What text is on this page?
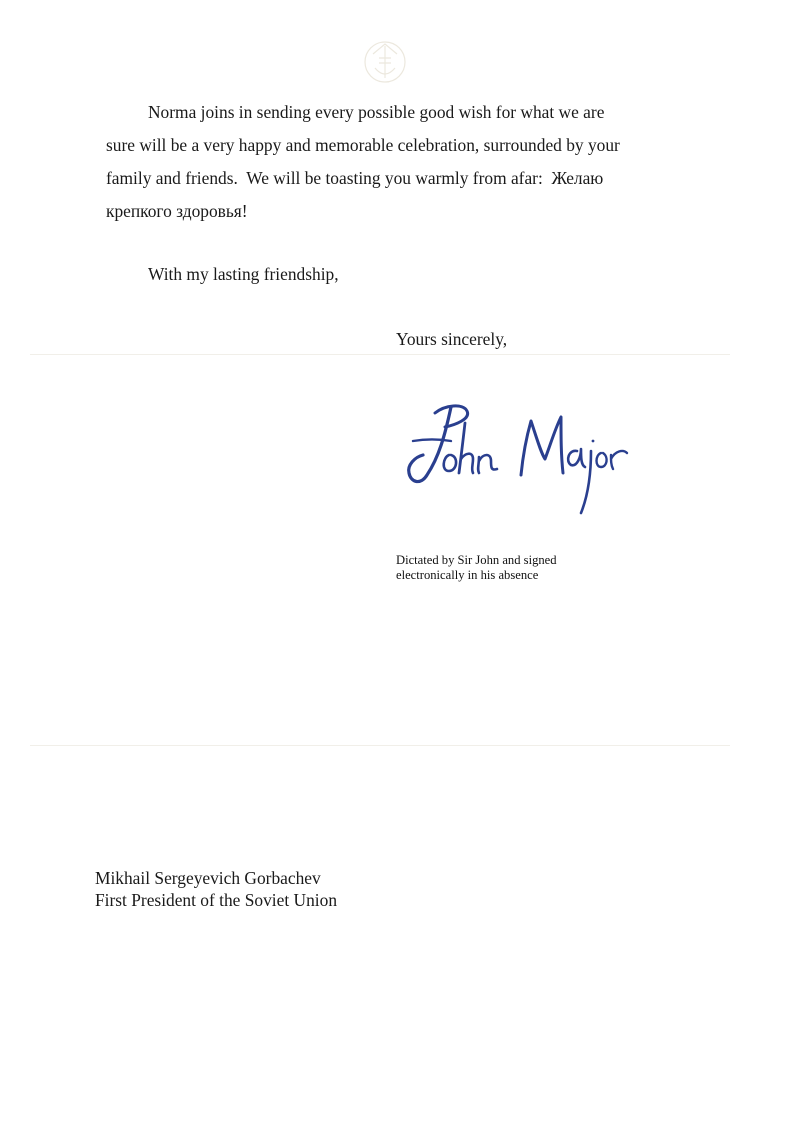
Norma joins in sending every possible good wish for what we are

sure will be a very happy and memorable celebration, surrounded by your
family and friends.  We will be toasting you warmly from afar:  Желаю
крепкого здоровья!
With my lasting friendship,
Yours sincerely,
Dictated by Sir John and signed
electronically in his absence
Mikhail Sergeyevich Gorbachev
First President of the Soviet Union
